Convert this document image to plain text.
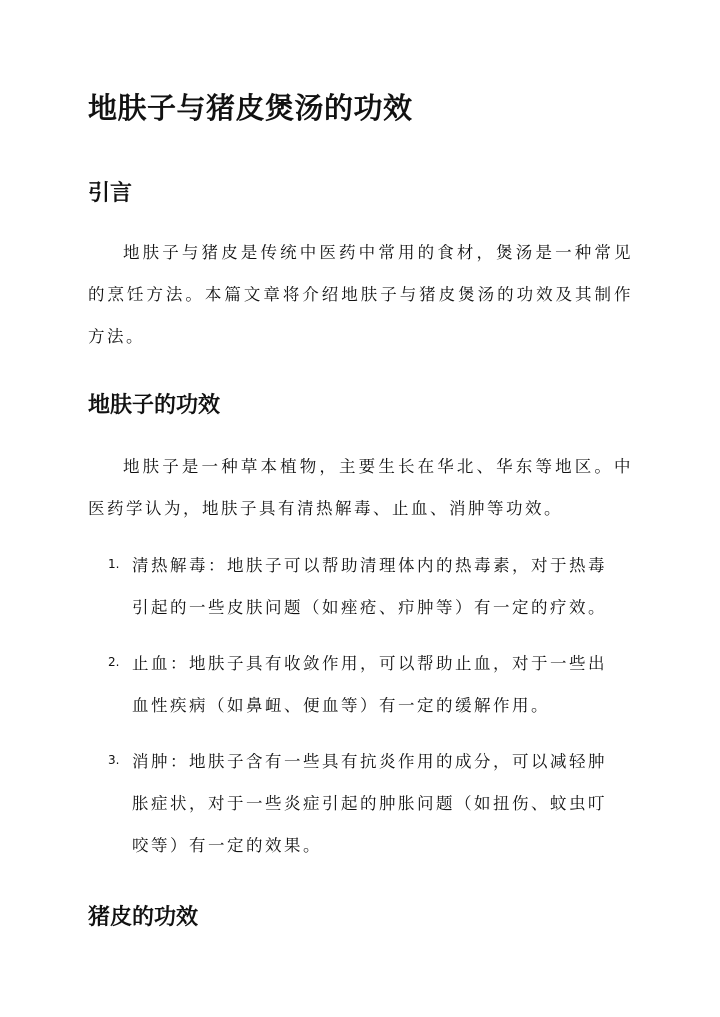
地肤子与猪皮煲汤的功效
引言

地肤子与猪皮是传统中医药中常用的食材，煲汤是一种常见的烹饪方法。本篇文章将介绍地肤子与猪皮煲汤的功效及其制作方法。

地肤子的功效

地肤子是一种草本植物，主要生长在华北、华东等地区。中医药学认为，地肤子具有清热解毒、止血、消肿等功效。

1. 清热解毒：地肤子可以帮助清理体内的热毒素，对于热毒引起的一些皮肤问题（如痤疮、疖肿等）有一定的疗效。
2. 止血：地肤子具有收敛作用，可以帮助止血，对于一些出血性疾病（如鼻衄、便血等）有一定的缓解作用。
3. 消肿：地肤子含有一些具有抗炎作用的成分，可以减轻肿胀症状，对于一些炎症引起的肿胀问题（如扭伤、蚊虫叮咬等）有一定的效果。
猪皮的功效
